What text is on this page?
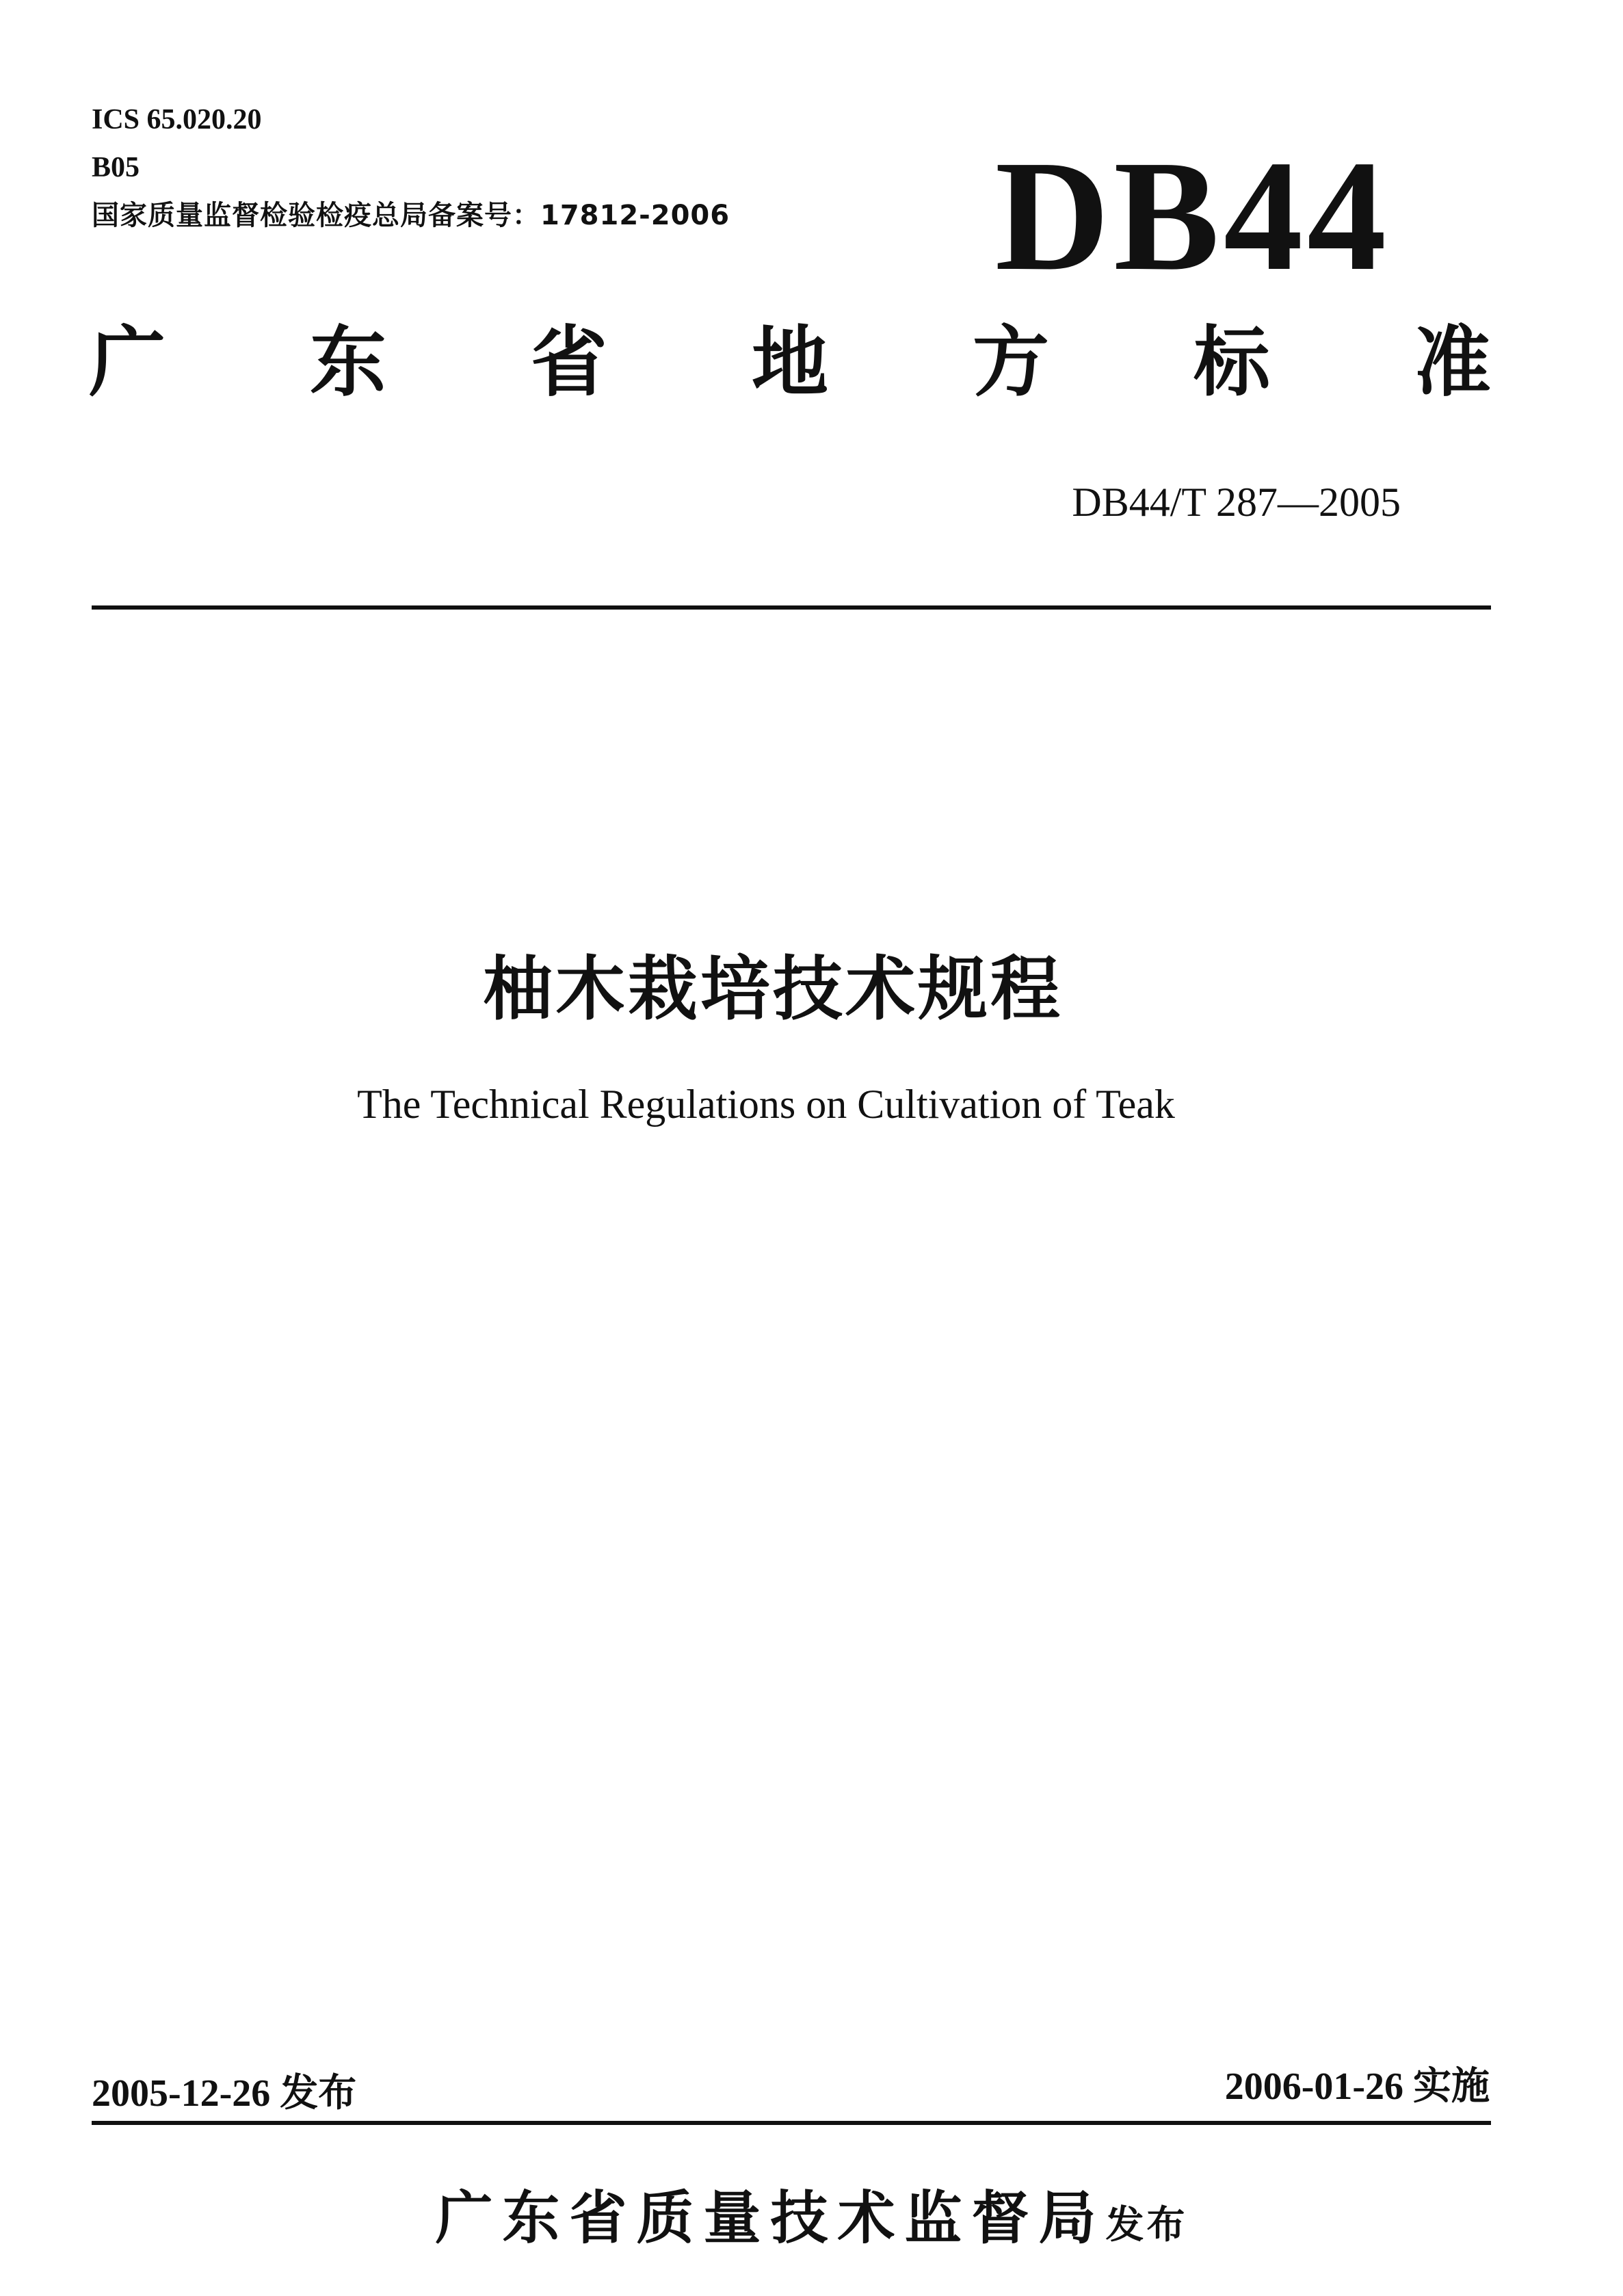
ICS 65.020.20
B05
国家质量监督检验检疫总局备案号：17812-2006 DB44
广 东 省 地 方 标 准
DB44/T 287—2005
柚木栽培技术规程
The Technical Regulations on Cultivation of Teak
2005-12-26 发布	2006-01-26 实施
广东省质量技术监督局发布
